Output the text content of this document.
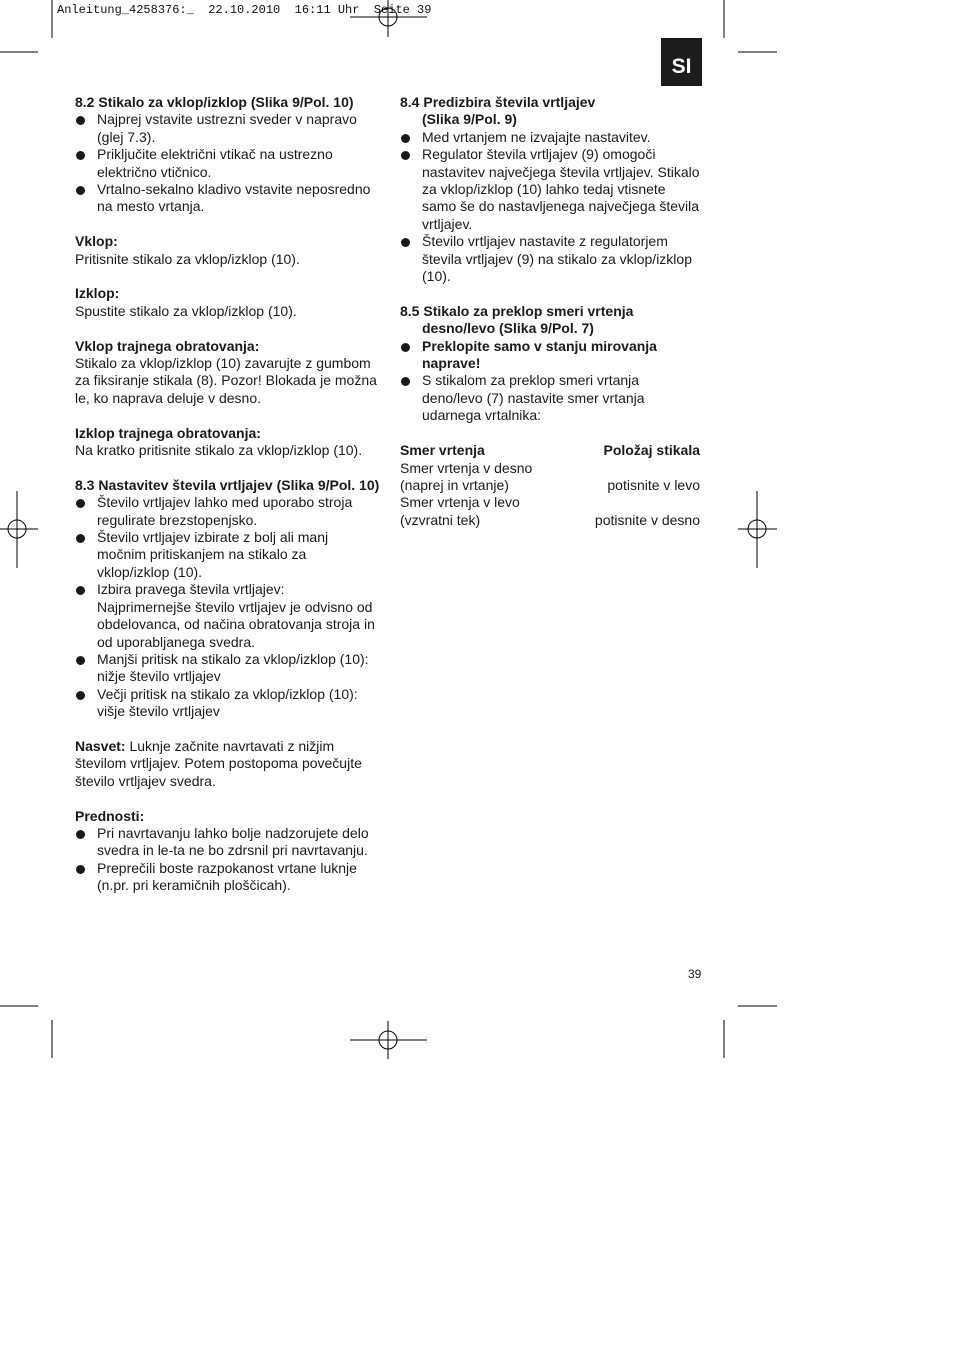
Anleitung_4258376:_  22.10.2010  16:11 Uhr  Seite 39
SI
8.2 Stikalo za vklop/izklop (Slika 9/Pol. 10)
Najprej vstavite ustrezni sveder v napravo (glej 7.3).
Priključite električni vtikač na ustrezno električno vtičnico.
Vrtalno-sekalno kladivo vstavite neposredno na mesto vrtanja.
Vklop:
Pritisnite stikalo za vklop/izklop (10).
Izklop:
Spustite stikalo za vklop/izklop (10).
Vklop trajnega obratovanja:
Stikalo za vklop/izklop (10) zavarujte z gumbom za fiksiranje stikala (8). Pozor! Blokada je možna le, ko naprava deluje v desno.
Izklop trajnega obratovanja:
Na kratko pritisnite stikalo za vklop/izklop (10).
8.3 Nastavitev števila vrtljajev (Slika 9/Pol. 10)
Število vrtljajev lahko med uporabo stroja regulirate brezstopenjsko.
Število vrtljajev izbirate z bolj ali manj močnim pritiskanjem na stikalo za vklop/izklop (10).
Izbira pravega števila vrtljajev: Najprimernejše število vrtljajev je odvisno od obdelovanca, od načina obratovanja stroja in od uporabljanega svedra.
Manjši pritisk na stikalo za vklop/izklop (10): nižje število vrtljajev
Večji pritisk na stikalo za vklop/izklop (10): višje število vrtljajev
Nasvet: Luknje začnite navrtavati z nižjim številom vrtljajev. Potem postopoma povečujte število vrtljajev svedra.
Prednosti:
Pri navrtavanju lahko bolje nadzorujete delo svedra in le-ta ne bo zdrsnil pri navrtavanju.
Preprečili boste razpokanost vrtane luknje (n.pr. pri keramičnih ploščicah).
8.4 Predizbira števila vrtljajev
(Slika 9/Pol. 9)
Med vrtanjem ne izvajajte nastavitev.
Regulator števila vrtljajev (9) omogoči nastavitev največjega števila vrtljajev. Stikalo za vklop/izklop (10) lahko tedaj vtisnete samo še do nastavljenega največjega števila vrtljajev.
Število vrtljajev nastavite z regulatorjem števila vrtljajev (9) na stikalo za vklop/izklop (10).
8.5 Stikalo za preklop smeri vrtenja
desno/levo (Slika 9/Pol. 7)
Preklopite samo v stanju mirovanja naprave!
S stikalom za preklop smeri vrtanja deno/levo (7) nastavite smer vrtanja udarnega vrtalnika:
Smer vrtenja	Položaj stikala
Smer vrtenja v desno
(naprej in vrtanje)	potisnite v levo
Smer vrtenja v levo
(vzvratni tek)	potisnite v desno
39
